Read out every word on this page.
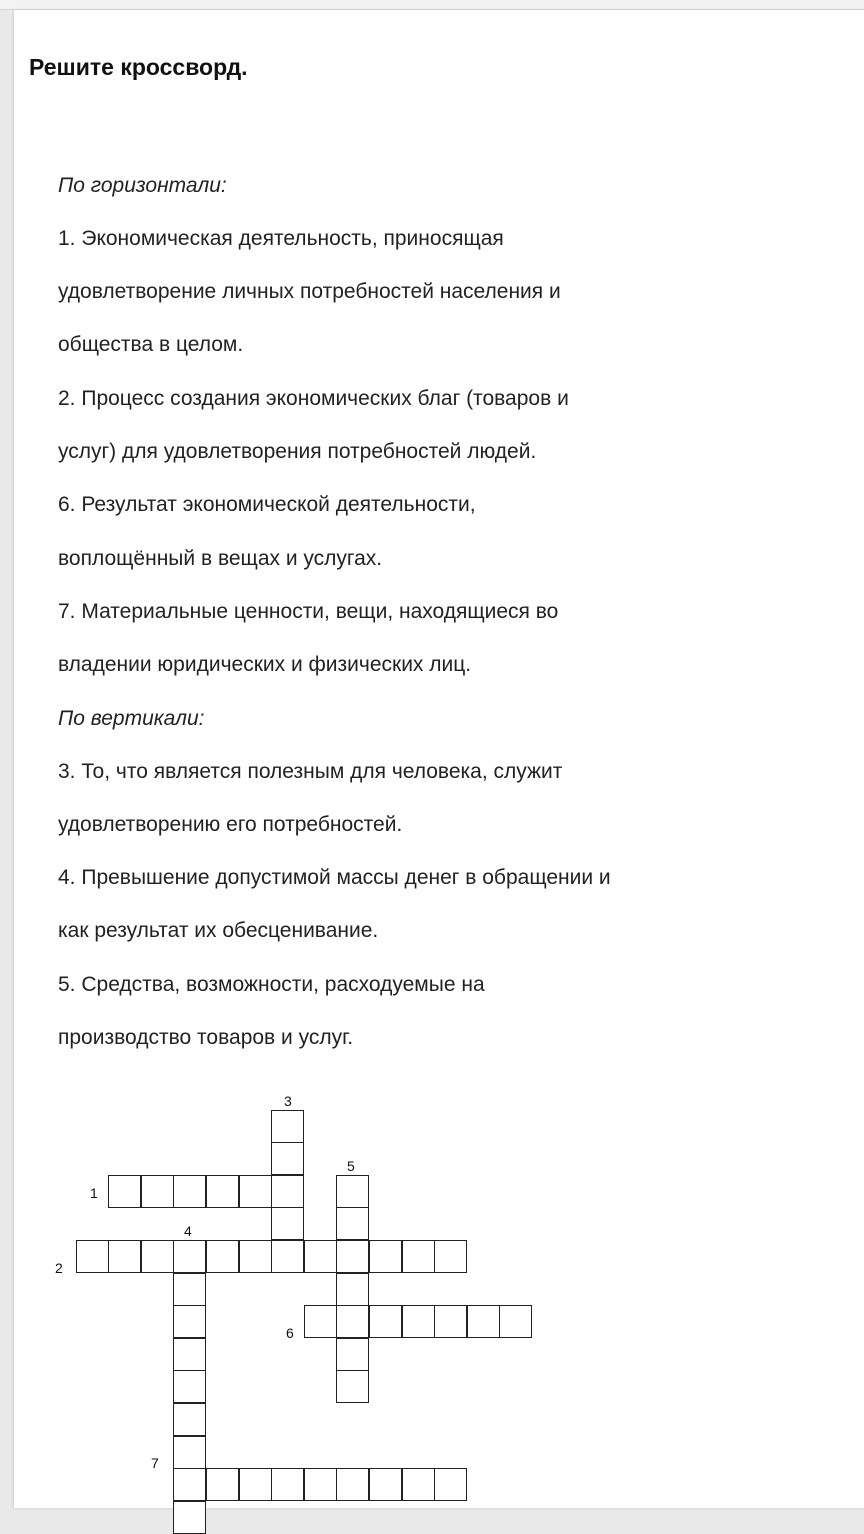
Решите кроссворд.
По горизонтали:
1. Экономическая деятельность, приносящая
удовлетворение личных потребностей населения и
общества в целом.
2. Процесс создания экономических благ (товаров и
услуг) для удовлетворения потребностей людей.
6. Результат экономической деятельности,
воплощённый в вещах и услугах.
7. Материальные ценности, вещи, находящиеся во
владении юридических и физических лиц.
По вертикали:
3. То, что является полезным для человека, служит
удовлетворению его потребностей.
4. Превышение допустимой массы денег в обращении и
как результат их обесценивание.
5. Средства, возможности, расходуемые на
производство товаров и услуг.
3
5
1
4
2
6
7
